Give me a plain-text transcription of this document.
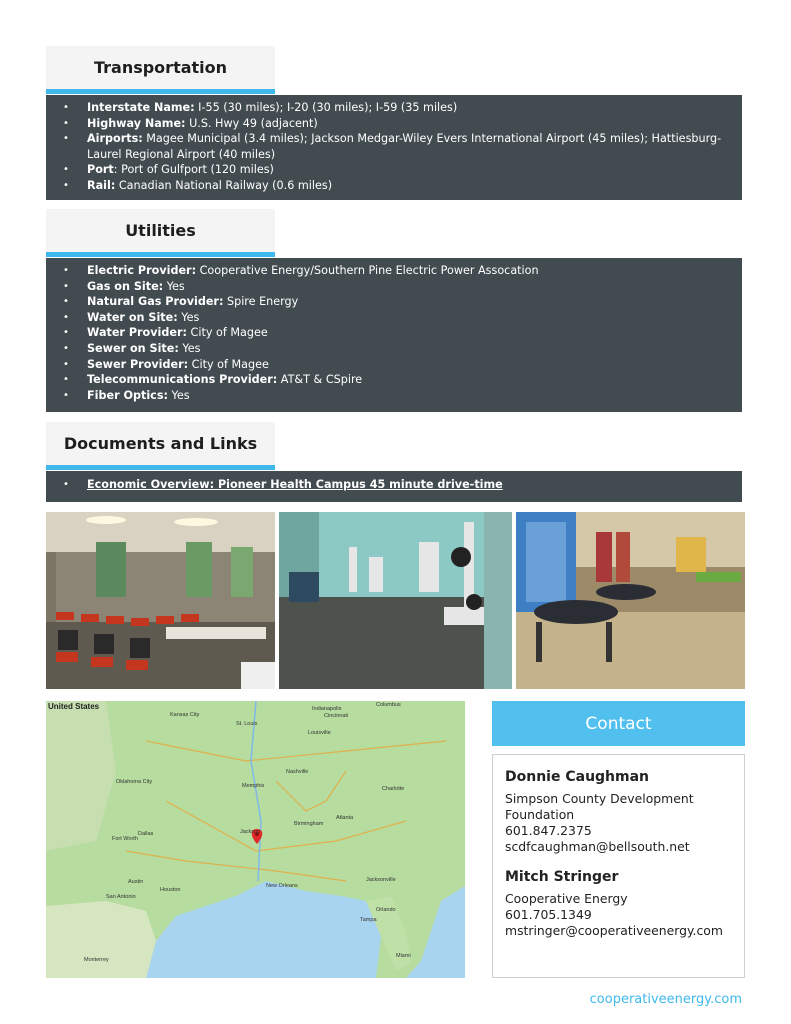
Transportation
• Interstate Name: I-55 (30 miles); I-20 (30 miles); I-59 (35 miles)
• Highway Name: U.S. Hwy 49 (adjacent)
• Airports: Magee Municipal (3.4 miles); Jackson Medgar-Wiley Evers International Airport (45 miles); Hattiesburg-Laurel Regional Airport (40 miles)
• Port: Port of Gulfport (120 miles)
• Rail: Canadian National Railway (0.6 miles)
Utilities
• Electric Provider: Cooperative Energy/Southern Pine Electric Power Assocation
• Gas on Site: Yes
• Natural Gas Provider: Spire Energy
• Water on Site: Yes
• Water Provider: City of Magee
• Sewer on Site: Yes
• Sewer Provider: City of Magee
• Telecommunications Provider: AT&T & CSpire
• Fiber Optics: Yes
Documents and Links
• Economic Overview: Pioneer Health Campus 45 minute drive-time
United States
Kansas City
St. Louis
Indianapolis
Columbus
Cincinnati
Louisville
Nashville
Charlotte
Atlanta
Dallas
Fort Worth
Austin
Houston
San Antonio
New Orleans
Jacksonville
Tampa
Orlando
Miami
Monterrey
Oklahoma City
Memphis
Birmingham
Jackson
Contact
Donnie Caughman
Simpson County Development Foundation
601.847.2375
scdfcaughman@bellsouth.net
Mitch Stringer
Cooperative Energy
601.705.1349
mstringer@cooperativeenergy.com
cooperativeenergy.com
